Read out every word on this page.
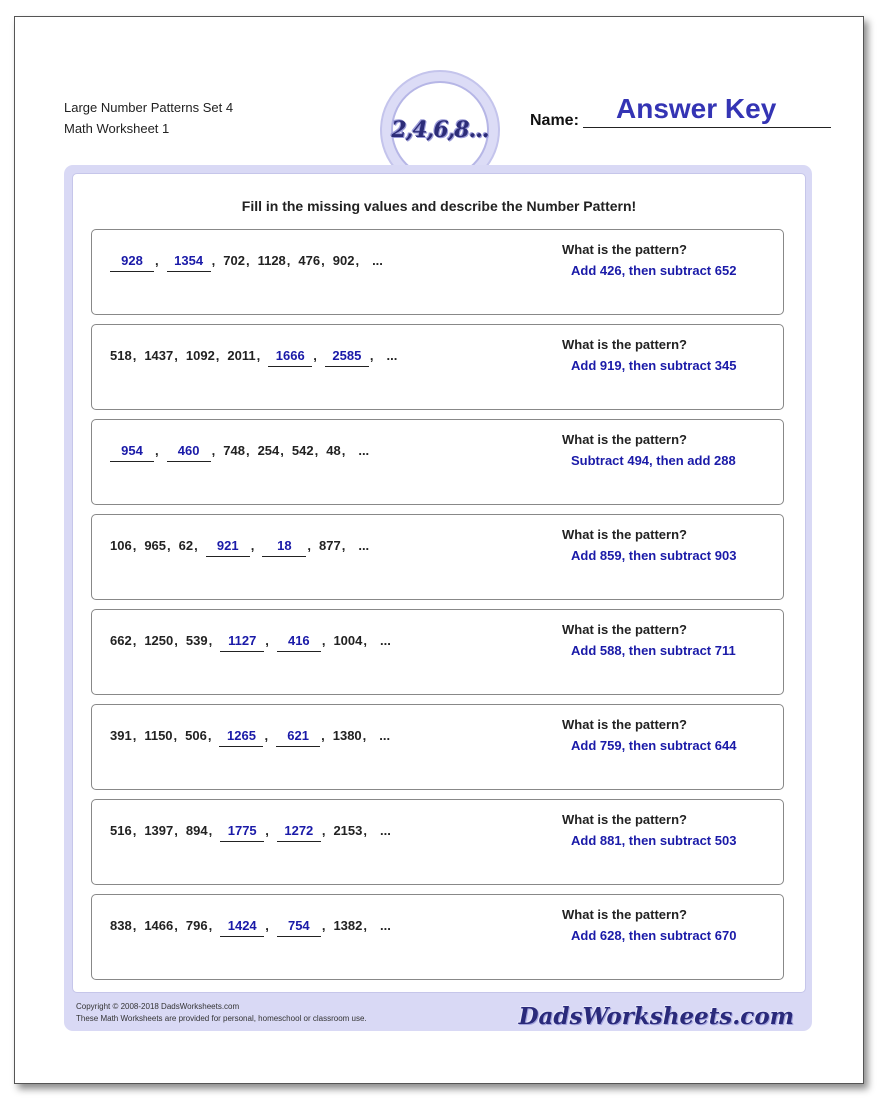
Large Number Patterns Set 4
Math Worksheet 1	2,4,6,8...	Name: Answer Key
Fill in the missing values and describe the Number Pattern!
928 ,	1354 , 702 , 1128 , 476 , 902 , ...
What is the pattern?
Add 426, then subtract 652
518 , 1437 , 1092 , 2011 ,	1666 ,	2585 , ...
What is the pattern?
Add 919, then subtract 345
954 ,	460 , 748 , 254 , 542 , 48 , ...
What is the pattern?
Subtract 494, then add 288
106 , 965 , 62 ,	921 ,	18	, 877 , ...
What is the pattern?
Add 859, then subtract 903
662 , 1250 , 539 ,	1127 ,	416 , 1004 , ...
What is the pattern?
Add 588, then subtract 711
391 , 1150 , 506 ,	1265 ,	621 , 1380 , ...
What is the pattern?
Add 759, then subtract 644
516 , 1397 , 894 ,	1775 ,	1272 , 2153 , ...
What is the pattern?
Add 881, then subtract 503
838 , 1466 , 796 ,	1424 ,	754 , 1382 , ...
What is the pattern?
Add 628, then subtract 670
Copyright © 2008-2018 DadsWorksheets.com
These Math Worksheets are provided for personal, homeschool or classroom use.	DadsWorksheets.com
